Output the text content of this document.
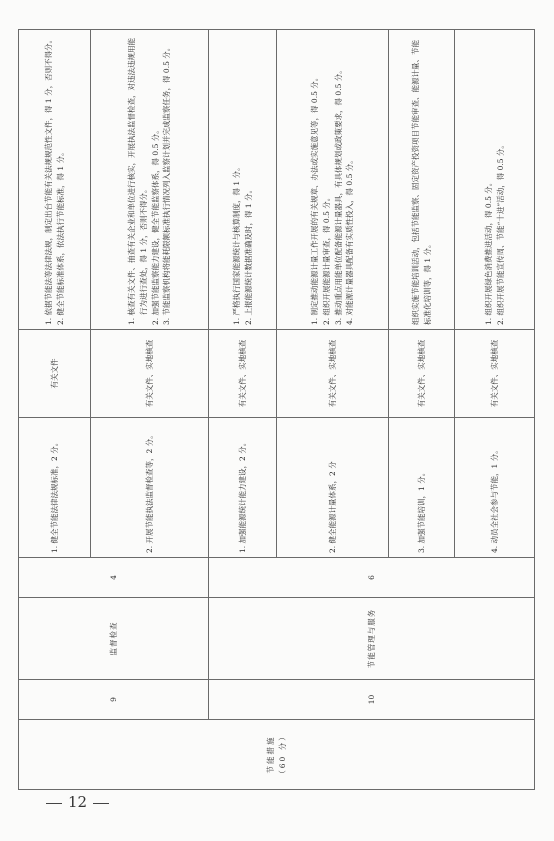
节能措施 （60 分）	9	监督检查	4	1. 健全节能法律法规标准，2 分。	有关文件	1. 依据节能法等法律法规，制定出台节能有关法规规范性文件，得 1 分，否则不得分。 2. 健全节能标准体系，依法执行节能标准，得 1 分。

				2. 开展节能执法监督检查等，2 分。	有关文件、实地核查	1. 核查有关文件、抽查有关企业和单位进行核实，开展执法监督检查，对违法违规用能行为进行查处，得 1 分，否则不得分。 2. 加强节能监察能力建设，健全节能监察体系，得 0.5 分。 3. 节能监察机构将能耗限额标准执行情况列入监察计划并完成监察任务，得 0.5 分。

	10	节能管理与服务	6	1. 加强能源统计能力建设，2 分。	有关文件、实地核查	1. 严格执行国家能源统计与核算制度，得 1 分。 2. 上报能源统计数据准确及时，得 1 分。

				2. 健全能源计量体系，2 分	有关文件、实地核查	1. 制定推动能源计量工作开展的有关规章、办法或实施意见等，得 0.5 分。 2. 组织开展能源计量审查，得 0.5 分。 3. 推动重点用能单位配备能源计量器具，有具体规划或政策要求，得 0.5 分。 4. 对能源计量器具配备有实质性投入，得 0.5 分。

				3. 加强节能培训，1 分。	有关文件、实地核查	组织实施节能培训活动，包括节能监察、固定资产投资项目节能审查、能源计量、节能标准化培训等，得 1 分。

				4. 动员全社会参与节能，1 分。	有关文件、实地核查	1. 组织开展绿色消费推进活动，得 0.5 分。 2. 组织开展节能宣传周、节能“十进”活动，得 0.5 分。
12
